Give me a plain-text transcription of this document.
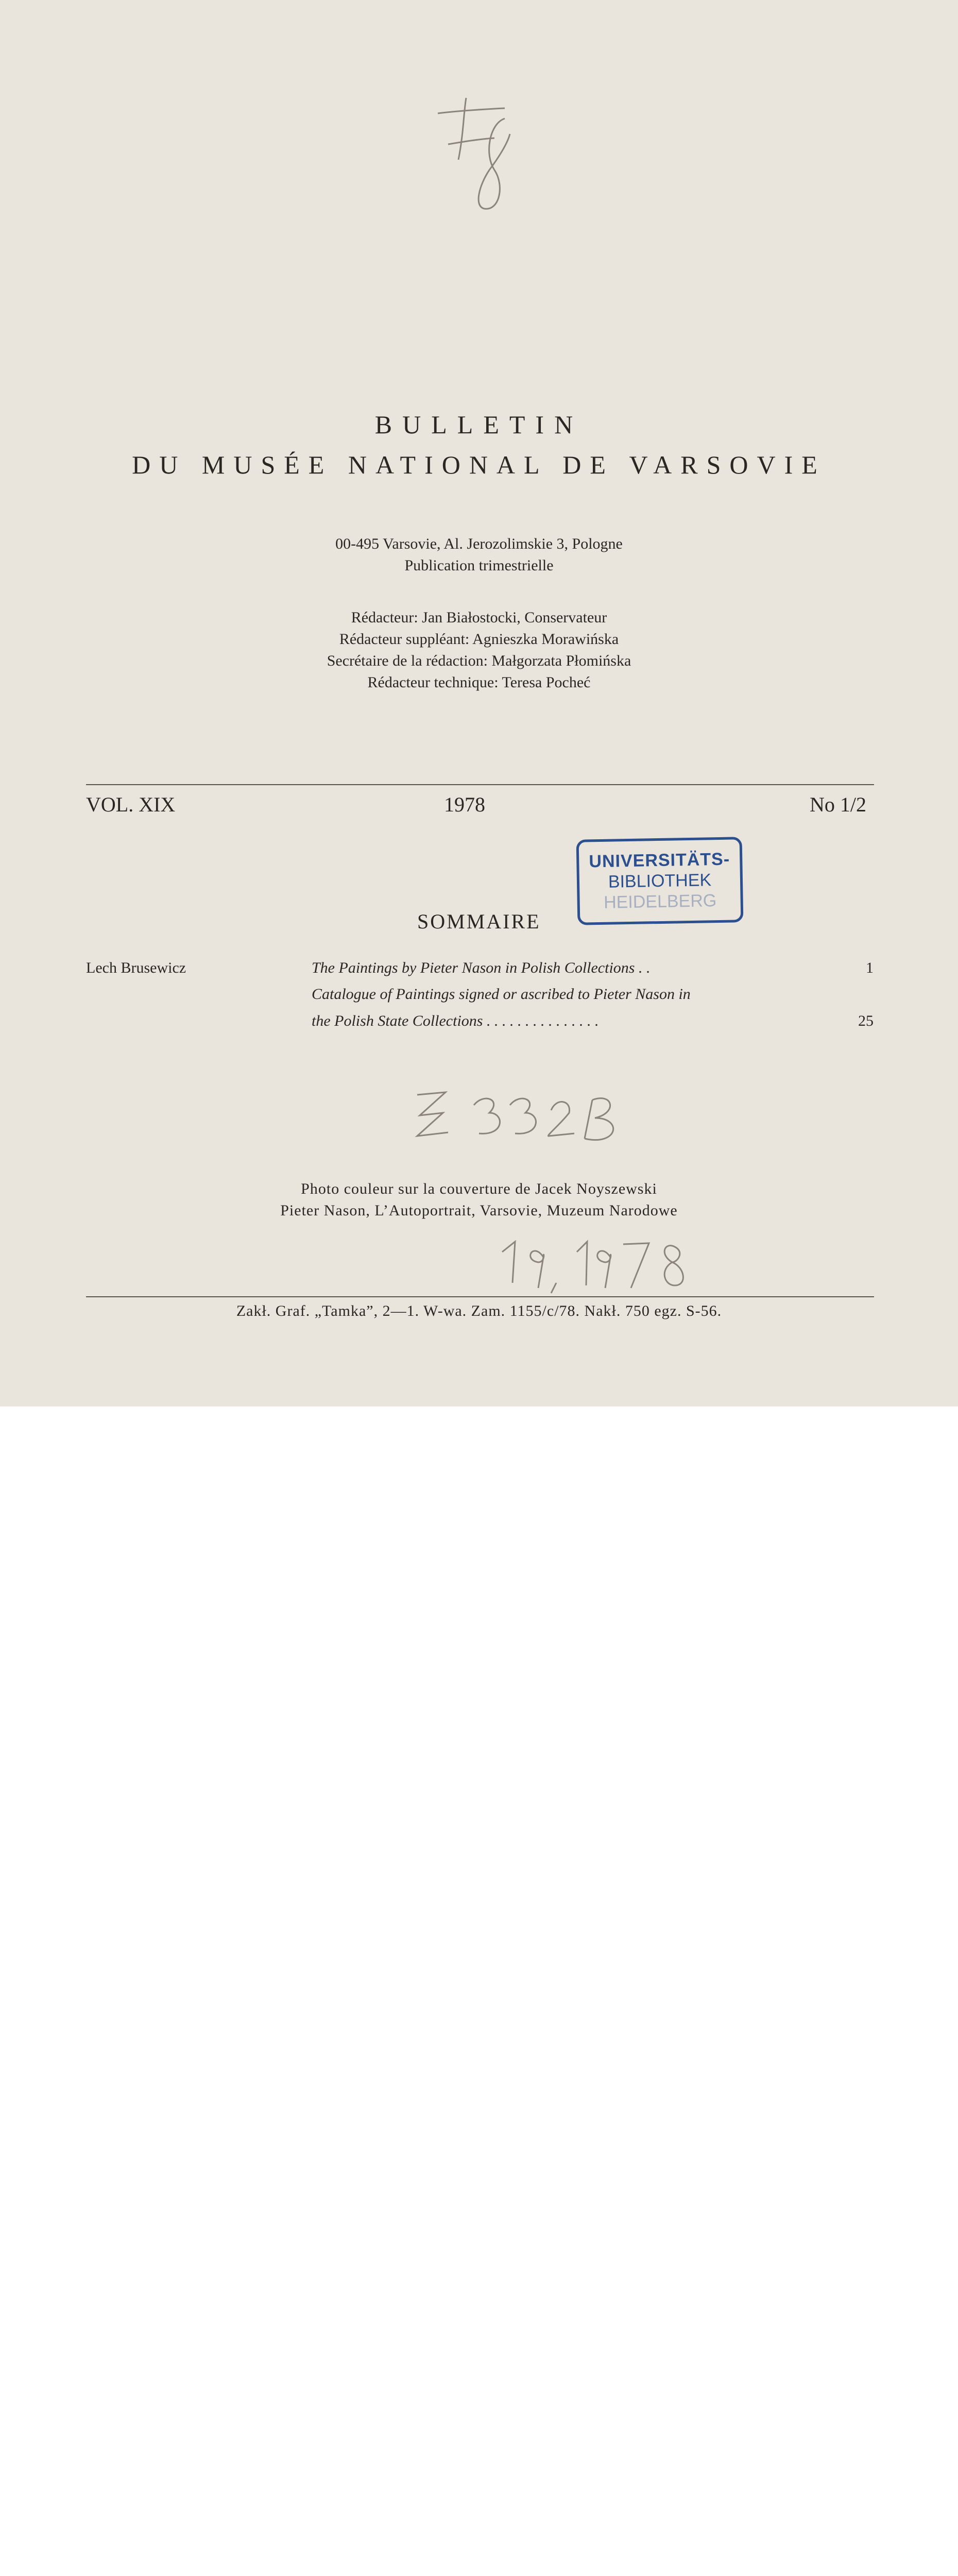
BULLETIN
DU MUSÉE NATIONAL DE VARSOVIE
00-495 Varsovie, Al. Jerozolimskie 3, Pologne
Publication trimestrielle
Rédacteur: Jan Białostocki, Conservateur
Rédacteur suppléant: Agnieszka Morawińska
Secrétaire de la rédaction: Małgorzata Płomińska
Rédacteur technique: Teresa Pocheć
VOL. XIX	1978	No 1/2
UNIVERSITÄTS-
BIBLIOTHEK
HEIDELBERG
SOMMAIRE
Lech Brusewicz	The Paintings by Pieter Nason in Polish Collections . .	1
Catalogue of Paintings signed or ascribed to Pieter Nason in
the Polish State Collections . . . . . . . . . . . . . . .	25
Photo couleur sur la couverture de Jacek Noyszewski
Pieter Nason, L’Autoportrait, Varsovie, Muzeum Narodowe
Zakł. Graf. „Tamka”, 2—1. W-wa. Zam. 1155/c/78. Nakł. 750 egz. S-56.
